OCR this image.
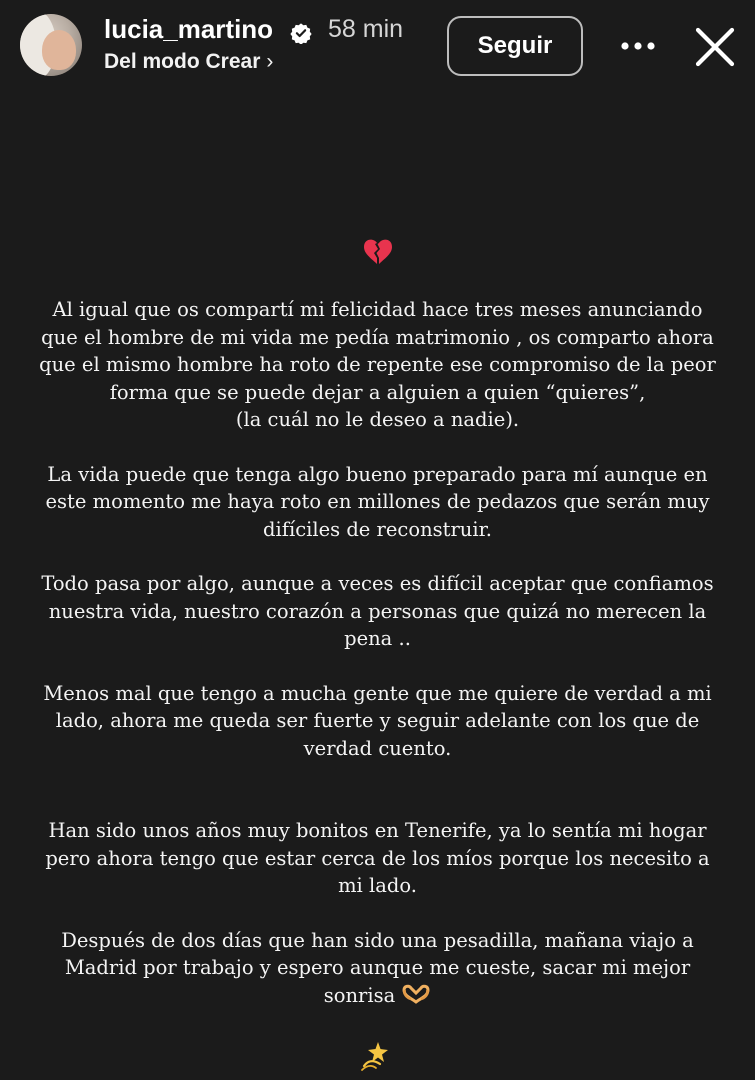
lucia_martino 58 min
Del modo Crear ›
Seguir

Al igual que os compartí mi felicidad hace tres meses anunciando
que el hombre de mi vida me pedía matrimonio , os comparto ahora
que el mismo hombre ha roto de repente ese compromiso de la peor
forma que se puede dejar a alguien a quien “quieres”,
(la cuál no le deseo a nadie).

La vida puede que tenga algo bueno preparado para mí aunque en
este momento me haya roto en millones de pedazos que serán muy
difíciles de reconstruir.

Todo pasa por algo, aunque a veces es difícil aceptar que confiamos
nuestra vida, nuestro corazón a personas que quizá no merecen la
pena ..

Menos mal que tengo a mucha gente que me quiere de verdad a mi
lado, ahora me queda ser fuerte y seguir adelante con los que de
verdad cuento.

Han sido unos años muy bonitos en Tenerife, ya lo sentía mi hogar
pero ahora tengo que estar cerca de los míos porque los necesito a
mi lado.

Después de dos días que han sido una pesadilla, mañana viajo a
Madrid por trabajo y espero aunque me cueste, sacar mi mejor
sonrisa
